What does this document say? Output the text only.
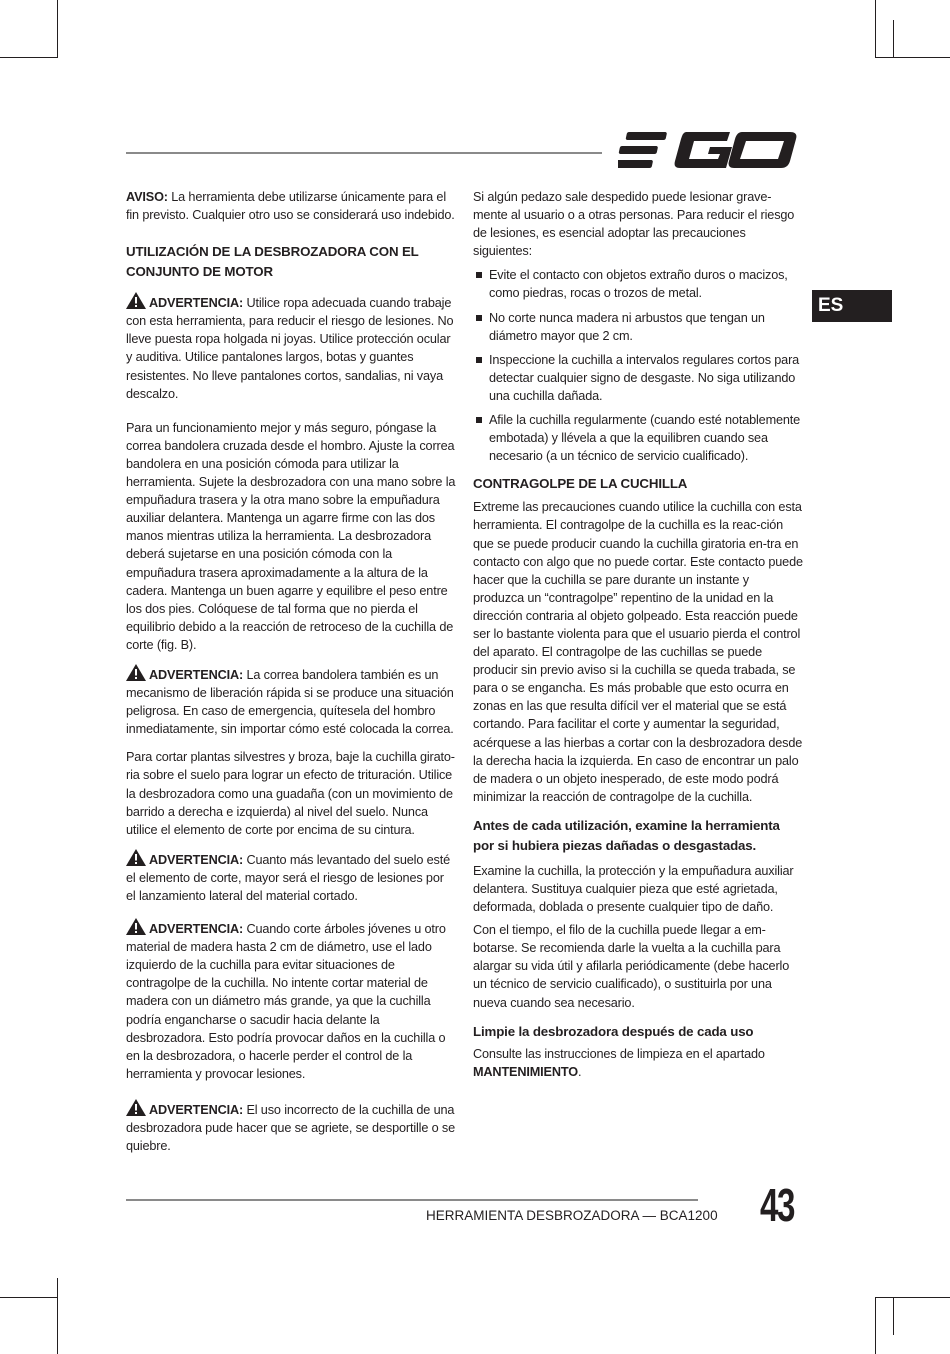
ES

AVISO: La herramienta debe utilizarse únicamente para el fin previsto. Cualquier otro uso se considerará uso indebido.

UTILIZACIÓN DE LA DESBROZADORA CON EL CONJUNTO DE MOTOR

ADVERTENCIA: Utilice ropa adecuada cuando trabaje con esta herramienta, para reducir el riesgo de lesiones. No lleve puesta ropa holgada ni joyas. Utilice protección ocular y auditiva. Utilice pantalones largos, botas y guantes resistentes. No lleve pantalones cortos, sandalias, ni vaya descalzo.

Para un funcionamiento mejor y más seguro, póngase la correa bandolera cruzada desde el hombro. Ajuste la correa bandolera en una posición cómoda para utilizar la herramienta. Sujete la desbrozadora con una mano sobre la empuñadura trasera y la otra mano sobre la empuñadura auxiliar delantera. Mantenga un agarre firme con las dos manos mientras utiliza la herramienta. La desbrozadora deberá sujetarse en una posición cómoda con la empuñadura trasera aproximadamente a la altura de la cadera. Mantenga un buen agarre y equilibre el peso entre los dos pies. Colóquese de tal forma que no pierda el equilibrio debido a la reacción de retroceso de la cuchilla de corte (fig. B).

ADVERTENCIA: La correa bandolera también es un mecanismo de liberación rápida si se produce una situación peligrosa. En caso de emergencia, quítesela del hombro inmediatamente, sin importar cómo esté colocada la correa.

Para cortar plantas silvestres y broza, baje la cuchilla girato-ria sobre el suelo para lograr un efecto de trituración. Utilice la desbrozadora como una guadaña (con un movimiento de barrido a derecha e izquierda) al nivel del suelo. Nunca utilice el elemento de corte por encima de su cintura.

ADVERTENCIA: Cuanto más levantado del suelo esté el elemento de corte, mayor será el riesgo de lesiones por el lanzamiento lateral del material cortado.

ADVERTENCIA: Cuando corte árboles jóvenes u otro material de madera hasta 2 cm de diámetro, use el lado izquierdo de la cuchilla para evitar situaciones de contragolpe de la cuchilla. No intente cortar material de madera con un diámetro más grande, ya que la cuchilla podría engancharse o sacudir hacia delante la desbrozadora. Esto podría provocar daños en la cuchilla o en la desbrozadora, o hacerle perder el control de la herramienta y provocar lesiones.

ADVERTENCIA: El uso incorrecto de la cuchilla de una desbrozadora pude hacer que se agriete, se desportille o se quiebre.

Si algún pedazo sale despedido puede lesionar grave-mente al usuario o a otras personas. Para reducir el riesgo de lesiones, es esencial adoptar las precauciones siguientes:

Evite el contacto con objetos extraño duros o macizos, como piedras, rocas o trozos de metal.
No corte nunca madera ni arbustos que tengan un diámetro mayor que 2 cm.
Inspeccione la cuchilla a intervalos regulares cortos para detectar cualquier signo de desgaste. No siga utilizando una cuchilla dañada.
Afile la cuchilla regularmente (cuando esté notablemente embotada) y llévela a que la equilibren cuando sea necesario (a un técnico de servicio cualificado).

CONTRAGOLPE DE LA CUCHILLA

Extreme las precauciones cuando utilice la cuchilla con esta herramienta. El contragolpe de la cuchilla es la reac-ción que se puede producir cuando la cuchilla giratoria en-tra en contacto con algo que no puede cortar. Este contacto puede hacer que la cuchilla se pare durante un instante y produzca un “contragolpe” repentino de la unidad en la dirección contraria al objeto golpeado. Esta reacción puede ser lo bastante violenta para que el usuario pierda el control del aparato. El contragolpe de las cuchillas se puede producir sin previo aviso si la cuchilla se queda trabada, se para o se engancha. Es más probable que esto ocurra en zonas en las que resulta difícil ver el material que se está cortando. Para facilitar el corte y aumentar la seguridad, acérquese a las hierbas a cortar con la desbrozadora desde la derecha hacia la izquierda. En caso de encontrar un palo de madera o un objeto inesperado, de este modo podrá minimizar la reacción de contragolpe de la cuchilla.

Antes de cada utilización, examine la herramienta por si hubiera piezas dañadas o desgastadas.

Examine la cuchilla, la protección y la empuñadura auxiliar delantera. Sustituya cualquier pieza que esté agrietada, deformada, doblada o presente cualquier tipo de daño.

Con el tiempo, el filo de la cuchilla puede llegar a em-botarse. Se recomienda darle la vuelta a la cuchilla para alargar su vida útil y afilarla periódicamente (debe hacerlo un técnico de servicio cualificado), o sustituirla por una nueva cuando sea necesario.

Limpie la desbrozadora después de cada uso

Consulte las instrucciones de limpieza en el apartado MANTENIMIENTO.

HERRAMIENTA DESBROZADORA — BCA1200 43
